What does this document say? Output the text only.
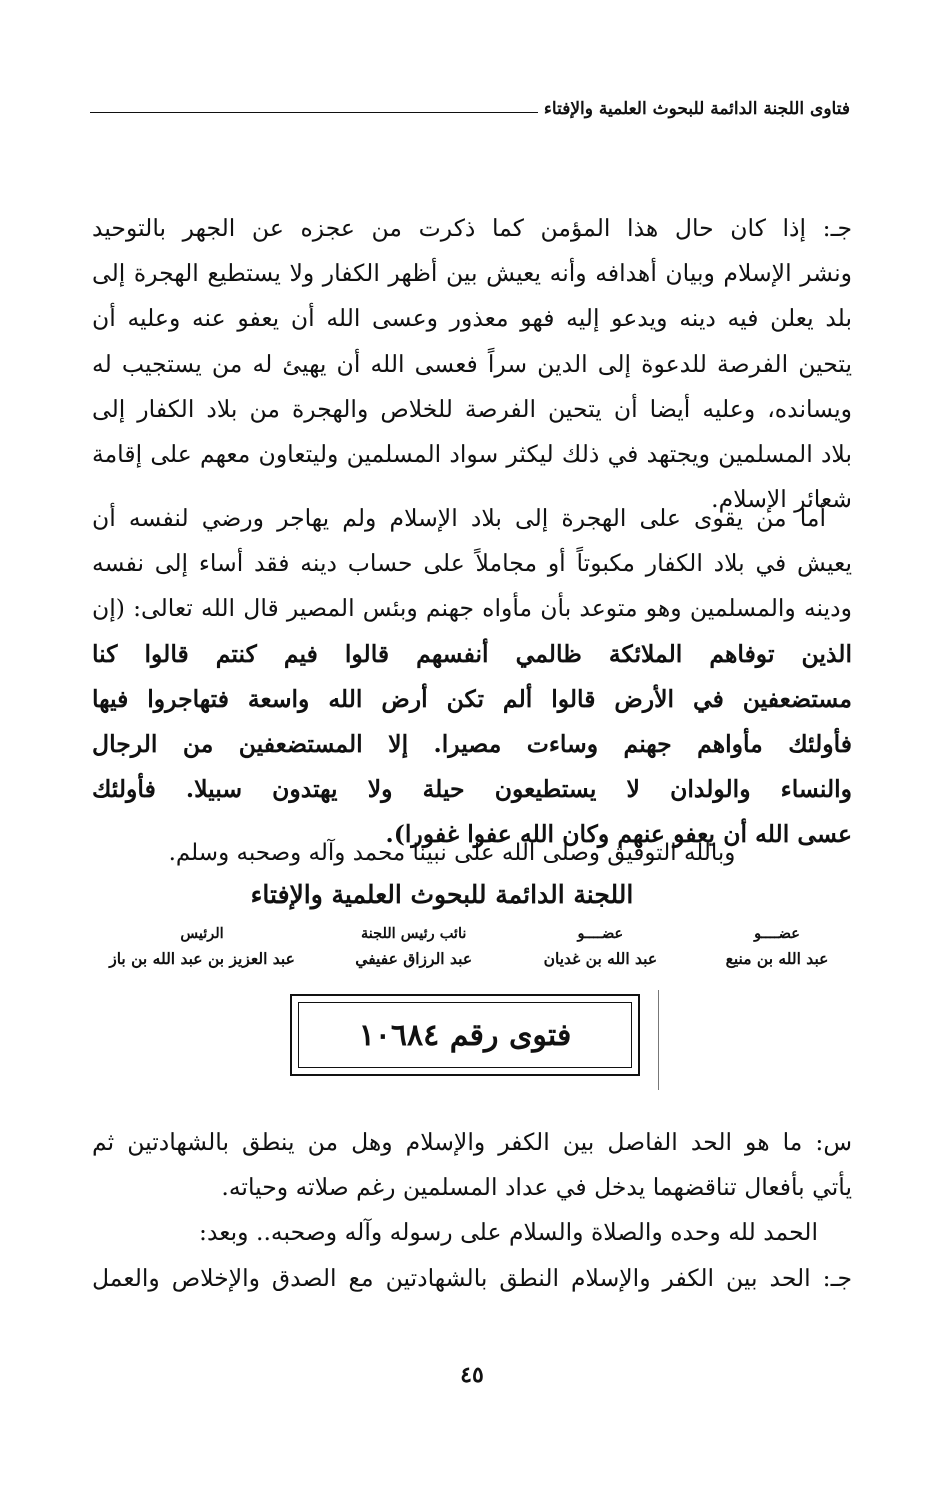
فتاوى اللجنة الدائمة للبحوث العلمية والإفتاء
جـ: إذا كان حال هذا المؤمن كما ذكرت من عجزه عن الجهر بالتوحيد
ونشر الإسلام وبيان أهدافه وأنه يعيش بين أظهر الكفار ولا يستطيع الهجرة إلى
بلد يعلن فيه دينه ويدعو إليه فهو معذور وعسى الله أن يعفو عنه وعليه أن
يتحين الفرصة للدعوة إلى الدين سراً فعسى الله أن يهيئ له من يستجيب له
ويسانده، وعليه أيضا أن يتحين الفرصة للخلاص والهجرة من بلاد الكفار إلى
بلاد المسلمين ويجتهد في ذلك ليكثر سواد المسلمين وليتعاون معهم على إقامة
شعائر الإسلام.
أما من يقوى على الهجرة إلى بلاد الإسلام ولم يهاجر ورضي لنفسه أن
يعيش في بلاد الكفار مكبوتاً أو مجاملاً على حساب دينه فقد أساء إلى نفسه
ودينه والمسلمين وهو متوعد بأن مأواه جهنم وبئس المصير قال الله تعالى: (إن
الذين توفاهم الملائكة ظالمي أنفسهم قالوا فيم كنتم قالوا كنا
مستضعفين في الأرض قالوا ألم تكن أرض الله واسعة فتهاجروا فيها
فأولئك مأواهم جهنم وساءت مصيرا. إلا المستضعفين من الرجال
والنساء والولدان لا يستطيعون حيلة ولا يهتدون سبيلا. فأولئك
عسى الله أن يعفو عنهم وكان الله عفوا غفورا).
وبالله التوفيق وصلى الله على نبينا محمد وآله وصحبه وسلم.
اللجنة الدائمة للبحوث العلمية والإفتاء
عضــــو
عبد الله بن منيع
عضــــو
عبد الله بن غديان
نائب رئيس اللجنة
عبد الرزاق عفيفي
الرئيس
عبد العزيز بن عبد الله بن باز
فتوى رقم ١٠٦٨٤
س: ما هو الحد الفاصل بين الكفر والإسلام وهل من ينطق بالشهادتين ثم
يأتي بأفعال تناقضهما يدخل في عداد المسلمين رغم صلاته وحياته.
الحمد لله وحده والصلاة والسلام على رسوله وآله وصحبه.. وبعد:
جـ: الحد بين الكفر والإسلام النطق بالشهادتين مع الصدق والإخلاص والعمل
٤٥
